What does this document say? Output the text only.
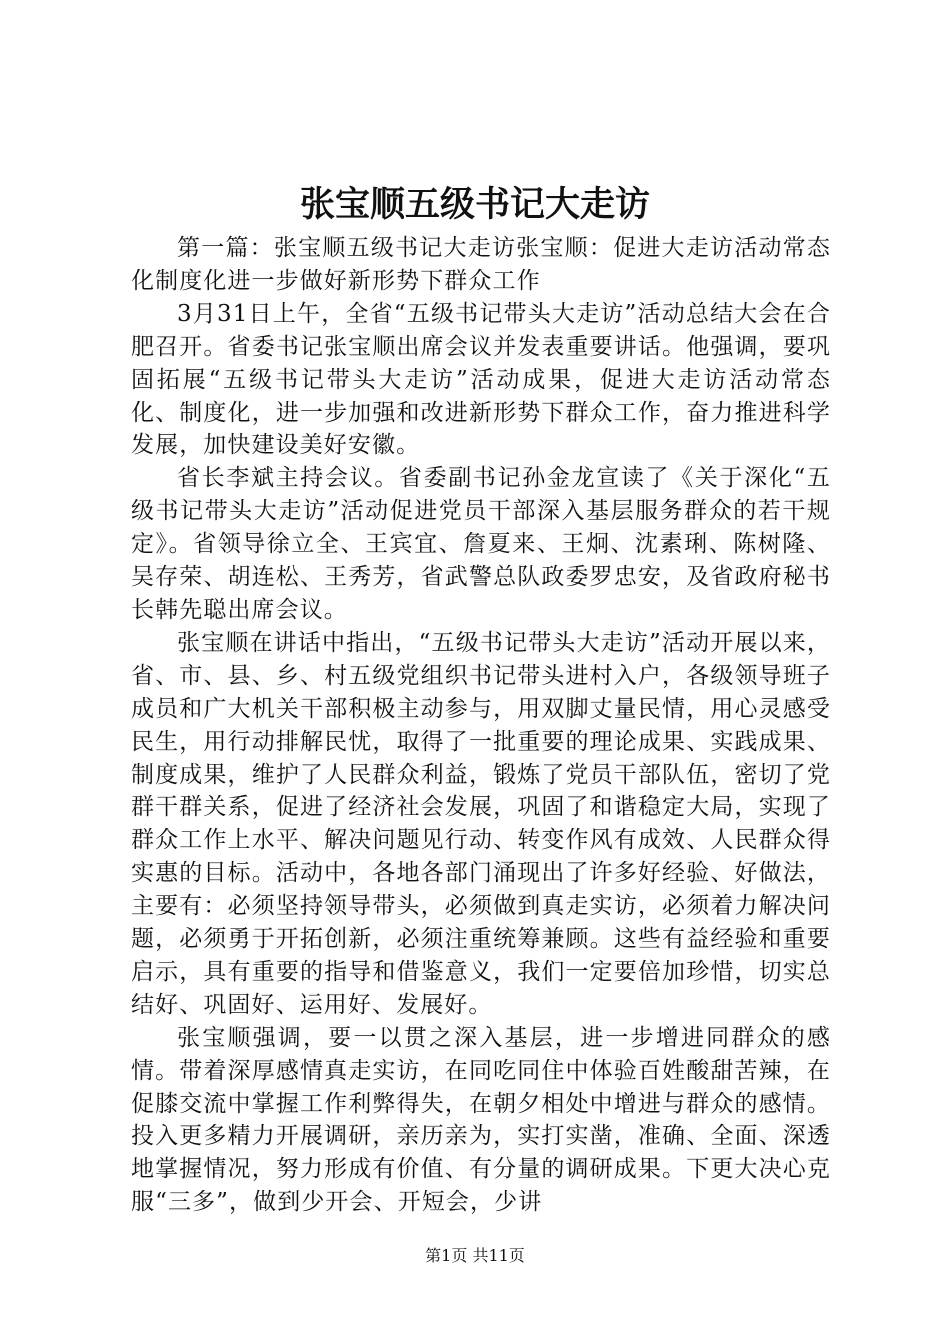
张宝顺五级书记大走访

第一篇：张宝顺五级书记大走访张宝顺：促进大走访活动常态化制度化进一步做好新形势下群众工作

3月31日上午，全省“五级书记带头大走访”活动总结大会在合肥召开。省委书记张宝顺出席会议并发表重要讲话。他强调，要巩固拓展“五级书记带头大走访”活动成果，促进大走访活动常态化、制度化，进一步加强和改进新形势下群众工作，奋力推进科学发展，加快建设美好安徽。

省长李斌主持会议。省委副书记孙金龙宣读了《关于深化“五级书记带头大走访”活动促进党员干部深入基层服务群众的若干规定》。省领导徐立全、王宾宜、詹夏来、王炯、沈素琍、陈树隆、吴存荣、胡连松、王秀芳，省武警总队政委罗忠安，及省政府秘书长韩先聪出席会议。

张宝顺在讲话中指出，“五级书记带头大走访”活动开展以来，省、市、县、乡、村五级党组织书记带头进村入户，各级领导班子成员和广大机关干部积极主动参与，用双脚丈量民情，用心灵感受民生，用行动排解民忧，取得了一批重要的理论成果、实践成果、制度成果，维护了人民群众利益，锻炼了党员干部队伍，密切了党群干群关系，促进了经济社会发展，巩固了和谐稳定大局，实现了群众工作上水平、解决问题见行动、转变作风有成效、人民群众得实惠的目标。活动中，各地各部门涌现出了许多好经验、好做法，主要有：必须坚持领导带头，必须做到真走实访，必须着力解决问题，必须勇于开拓创新，必须注重统筹兼顾。这些有益经验和重要启示，具有重要的指导和借鉴意义，我们一定要倍加珍惜，切实总结好、巩固好、运用好、发展好。

张宝顺强调，要一以贯之深入基层，进一步增进同群众的感情。带着深厚感情真走实访，在同吃同住中体验百姓酸甜苦辣，在促膝交流中掌握工作利弊得失，在朝夕相处中增进与群众的感情。投入更多精力开展调研，亲历亲为，实打实凿，准确、全面、深透地掌握情况，努力形成有价值、有分量的调研成果。下更大决心克服“三多”，做到少开会、开短会，少讲

第1页 共11页
